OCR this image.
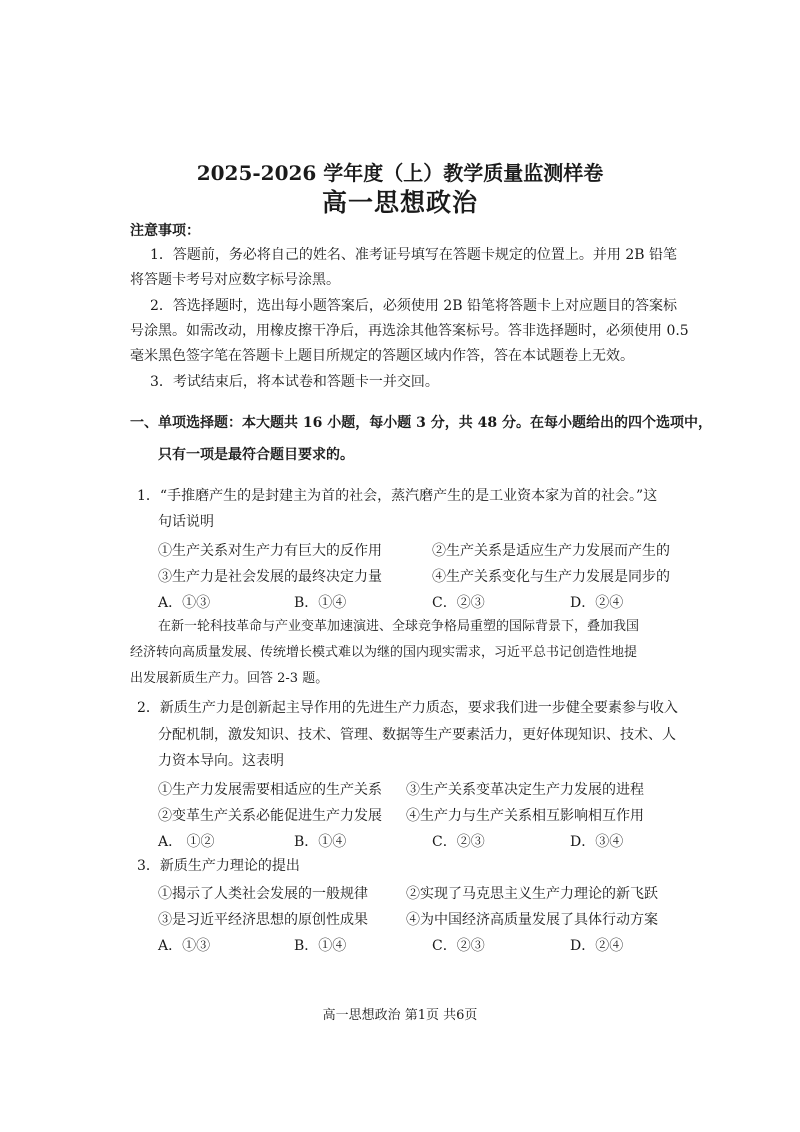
2025-2026 学年度（上）教学质量监测样卷
高一思想政治
注意事项：
1．答题前，务必将自己的姓名、准考证号填写在答题卡规定的位置上。并用 2B 铅笔
将答题卡考号对应数字标号涂黑。
2．答选择题时，选出每小题答案后，必须使用 2B 铅笔将答题卡上对应题目的答案标
号涂黑。如需改动，用橡皮擦干净后，再选涂其他答案标号。答非选择题时，必须使用 0.5
毫米黑色签字笔在答题卡上题目所规定的答题区域内作答，答在本试题卷上无效。
3．考试结束后，将本试卷和答题卡一并交回。
一、单项选择题：本大题共 16 小题，每小题 3 分，共 48 分。在每小题给出的四个选项中，
只有一项是最符合题目要求的。
1．“手推磨产生的是封建主为首的社会，蒸汽磨产生的是工业资本家为首的社会。”这
句话说明
①生产关系对生产力有巨大的反作用	②生产关系是适应生产力发展而产生的
③生产力是社会发展的最终决定力量	④生产关系变化与生产力发展是同步的
A．①③	B．①④	C．②③	D．②④
在新一轮科技革命与产业变革加速演进、全球竞争格局重塑的国际背景下，叠加我国
经济转向高质量发展、传统增长模式难以为继的国内现实需求，习近平总书记创造性地提
出发展新质生产力。回答 2-3 题。
2．新质生产力是创新起主导作用的先进生产力质态，要求我们进一步健全要素参与收入
分配机制，激发知识、技术、管理、数据等生产要素活力，更好体现知识、技术、人
力资本导向。这表明
①生产力发展需要相适应的生产关系 ③生产关系变革决定生产力发展的进程
②变革生产关系必能促进生产力发展 ④生产力与生产关系相互影响相互作用
A． ①②	B．①④	C．②③	D．③④
3．新质生产力理论的提出
①揭示了人类社会发展的一般规律	②实现了马克思主义生产力理论的新飞跃
③是习近平经济思想的原创性成果	④为中国经济高质量发展了具体行动方案
A．①③	B．①④	C．②③	D．②④
高一思想政治 第1页 共6页
